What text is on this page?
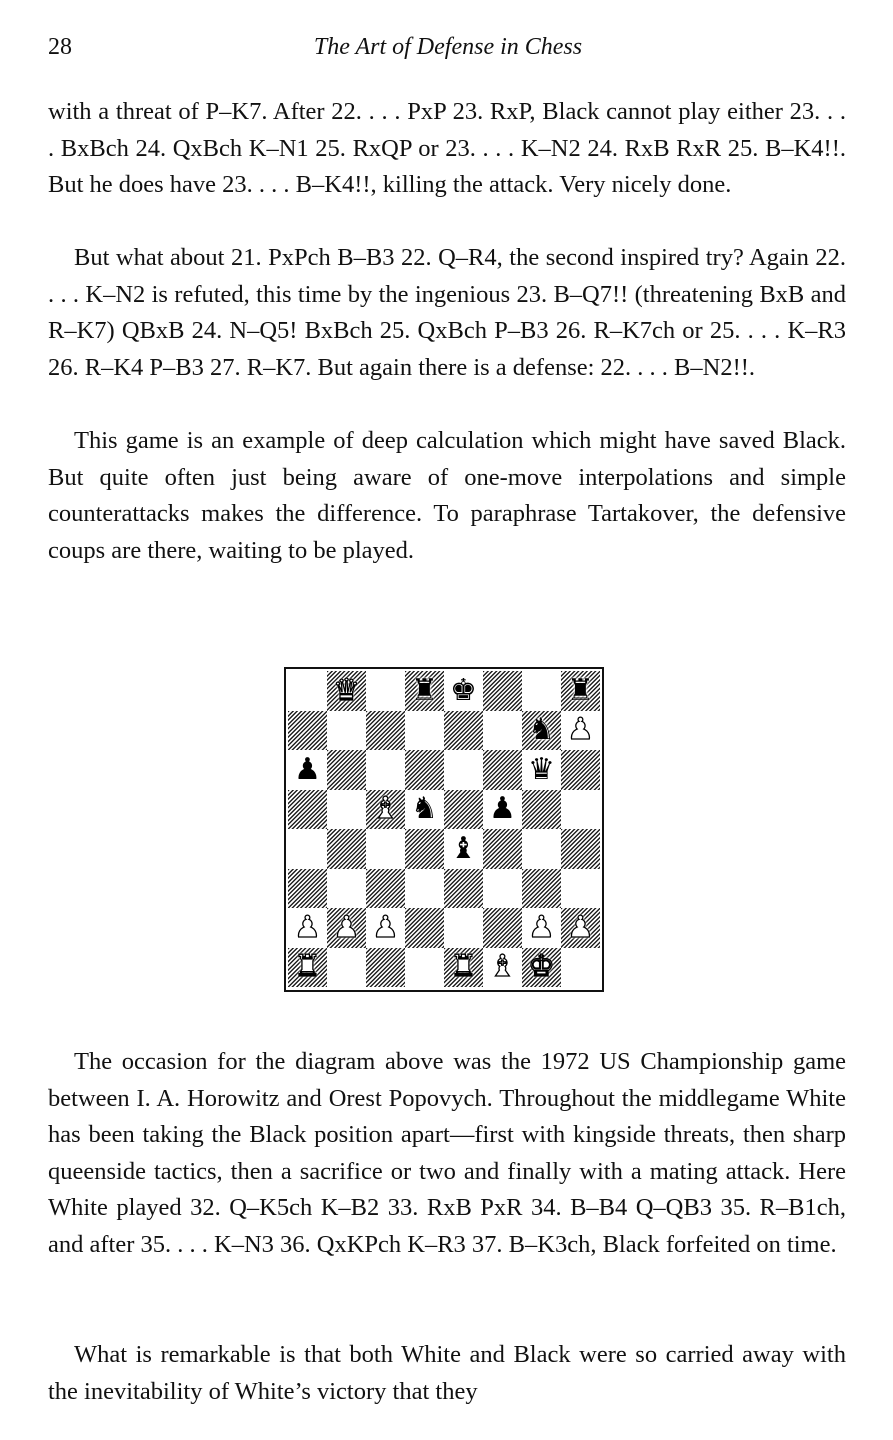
28	The Art of Defense in Chess

with a threat of P–K7. After 22. . . . PxP 23. RxP, Black cannot play either 23. . . . BxBch 24. QxBch K–N1 25. RxQP or 23. . . . K–N2 24. RxB RxR 25. B–K4!!. But he does have 23. . . . B–K4!!, killing the attack. Very nicely done.

But what about 21. PxPch B–B3 22. Q–R4, the second inspired try? Again 22. . . . K–N2 is refuted, this time by the ingenious 23. B–Q7!! (threatening BxB and R–K7) QBxB 24. N–Q5! BxBch 25. QxBch P–B3 26. R–K7ch or 25. . . . K–R3 26. R–K4 P–B3 27. R–K7. But again there is a defense: 22. . . . B–N2!!.

This game is an example of deep calculation which might have saved Black. But quite often just being aware of one-move interpolations and simple counterattacks makes the difference. To paraphrase Tartakover, the defensive coups are there, waiting to be played.

♛ ♜ ♚	♜
♞ ♟
♟	♛
♝ ♞ ♟
♝
♟ ♟ ♟	♟ ♟
♜	♜ ♝ ♚

The occasion for the diagram above was the 1972 US Championship game between I. A. Horowitz and Orest Popovych. Throughout the middlegame White has been taking the Black position apart—first with kingside threats, then sharp queenside tactics, then a sacrifice or two and finally with a mating attack. Here White played 32. Q–K5ch K–B2 33. RxB PxR 34. B–B4 Q–QB3 35. R–B1ch, and after 35. . . . K–N3 36. QxKPch K–R3 37. B–K3ch, Black forfeited on time.

What is remarkable is that both White and Black were so carried away with the inevitability of White’s victory that they
